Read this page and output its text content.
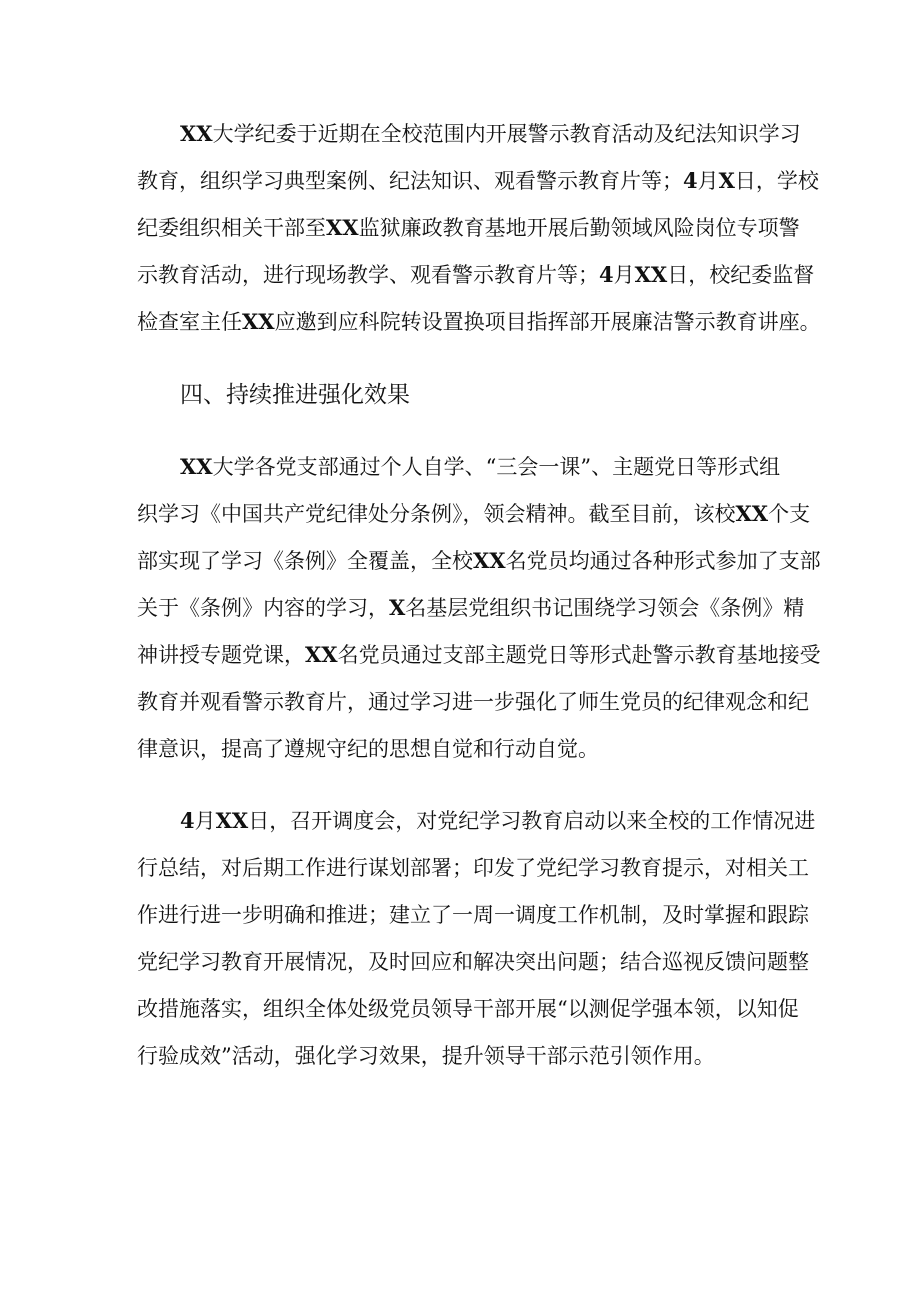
XX大学纪委于近期在全校范围内开展警示教育活动及纪法知识学习
教育，组织学习典型案例、纪法知识、观看警示教育片等；4月X日，学校
纪委组织相关干部至XX监狱廉政教育基地开展后勤领域风险岗位专项警
示教育活动，进行现场教学、观看警示教育片等；4月XX日，校纪委监督
检查室主任XX应邀到应科院转设置换项目指挥部开展廉洁警示教育讲座。
四、持续推进强化效果
XX大学各党支部通过个人自学、“三会一课”、主题党日等形式组
织学习《中国共产党纪律处分条例》，领会精神。截至目前，该校XX个支
部实现了学习《条例》全覆盖，全校XX名党员均通过各种形式参加了支部
关于《条例》内容的学习，X名基层党组织书记围绕学习领会《条例》精
神讲授专题党课，XX名党员通过支部主题党日等形式赴警示教育基地接受
教育并观看警示教育片，通过学习进一步强化了师生党员的纪律观念和纪
律意识，提高了遵规守纪的思想自觉和行动自觉。
4月XX日，召开调度会，对党纪学习教育启动以来全校的工作情况进
行总结，对后期工作进行谋划部署；印发了党纪学习教育提示，对相关工
作进行进一步明确和推进；建立了一周一调度工作机制，及时掌握和跟踪
党纪学习教育开展情况，及时回应和解决突出问题；结合巡视反馈问题整
改措施落实，组织全体处级党员领导干部开展“以测促学强本领，以知促
行验成效”活动，强化学习效果，提升领导干部示范引领作用。
